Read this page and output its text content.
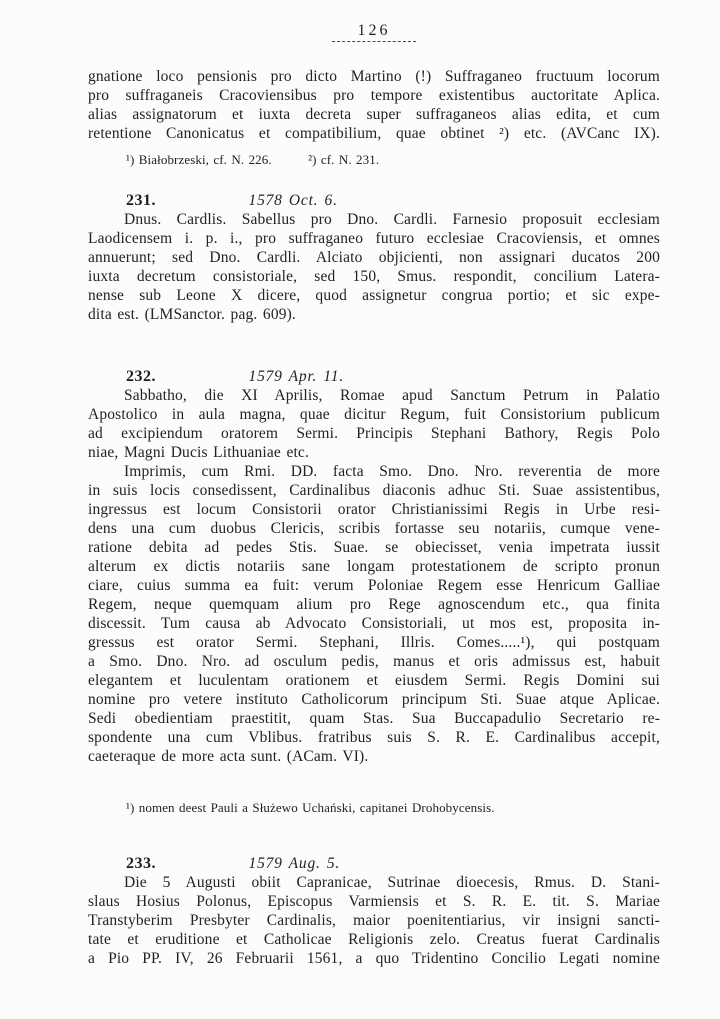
126
gnatione loco pensionis pro dicto Martino (!) Suffraganeo fructuum locorum
pro suffraganeis Cracoviensibus pro tempore existentibus auctoritate Aplica.
alias assignatorum et iuxta decreta super suffraganeos alias edita, et cum
retentione Canonicatus et compatibilium, quae obtinet ²) etc. (AVCanc IX).
¹) Białobrzeski, cf. N. 226.	²) cf. N. 231.
231.	1578 Oct. 6.
Dnus. Cardlis. Sabellus pro Dno. Cardli. Farnesio proposuit ecclesiam
Laodicensem i. p. i., pro suffraganeo futuro ecclesiae Cracoviensis, et omnes
annuerunt; sed Dno. Cardli. Alciato objicienti, non assignari ducatos 200
iuxta decretum consistoriale, sed 150, Smus. respondit, concilium Latera-
nense sub Leone X dicere, quod assignetur congrua portio; et sic expe-
dita est. (LMSanctor. pag. 609).
232.	1579 Apr. 11.
Sabbatho, die XI Aprilis, Romae apud Sanctum Petrum in Palatio
Apostolico in aula magna, quae dicitur Regum, fuit Consistorium publicum
ad excipiendum oratorem Sermi. Principis Stephani Bathory, Regis Polo
niae, Magni Ducis Lithuaniae etc.
Imprimis, cum Rmi. DD. facta Smo. Dno. Nro. reverentia de more
in suis locis consedissent, Cardinalibus diaconis adhuc Sti. Suae assistentibus,
ingressus est locum Consistorii orator Christianissimi Regis in Urbe resi-
dens una cum duobus Clericis, scribis fortasse seu notariis, cumque vene-
ratione debita ad pedes Stis. Suae. se obiecisset, venia impetrata iussit
alterum ex dictis notariis sane longam protestationem de scripto pronun
ciare, cuius summa ea fuit: verum Poloniae Regem esse Henricum Galliae
Regem, neque quemquam alium pro Rege agnoscendum etc., qua finita
discessit. Tum causa ab Advocato Consistoriali, ut mos est, proposita in-
gressus est orator Sermi. Stephani, Illris. Comes.....¹), qui postquam
a Smo. Dno. Nro. ad osculum pedis, manus et oris admissus est, habuit
elegantem et luculentam orationem et eiusdem Sermi. Regis Domini sui
nomine pro vetere instituto Catholicorum principum Sti. Suae atque Aplicae.
Sedi obedientiam praestitit, quam Stas. Sua Buccapadulio Secretario re-
spondente una cum Vblibus. fratribus suis S. R. E. Cardinalibus accepit,
caeteraque de more acta sunt. (ACam. VI).
¹) nomen deest Pauli a Służewo Uchański, capitanei Drohobycensis.
233.	1579 Aug. 5.
Die 5 Augusti obiit Capranicae, Sutrinae dioecesis, Rmus. D. Stani-
slaus Hosius Polonus, Episcopus Varmiensis et S. R. E. tit. S. Mariae
Transtyberim Presbyter Cardinalis, maior poenitentiarius, vir insigni sancti-
tate et eruditione et Catholicae Religionis zelo. Creatus fuerat Cardinalis
a Pio PP. IV, 26 Februarii 1561, a quo Tridentino Concilio Legati nomine
